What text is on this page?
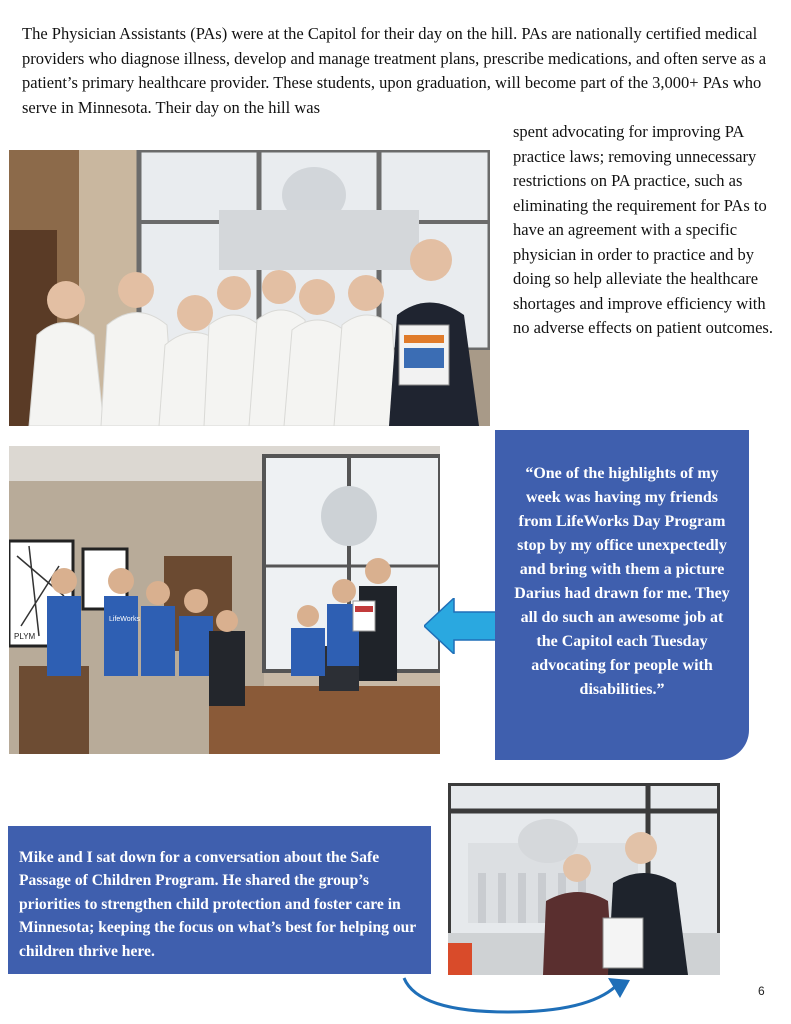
The Physician Assistants (PAs) were at the Capitol for their day on the hill. PAs are nationally certified medical providers who diagnose illness, develop and manage treatment plans, prescribe medications, and often serve as a patient’s primary healthcare provider. These students, upon graduation, will become part of the 3,000+ PAs who serve in Minnesota. Their day on the hill was

spent advocating for improving PA practice laws; removing unnecessary restrictions on PA practice, such as eliminating the requirement for PAs to have an agreement with a specific physician in order to practice and by doing so help alleviate the healthcare shortages and improve efficiency with no adverse effects on patient outcomes.

PLYM
LifeWorks
“One of the highlights of my week was having my friends from LifeWorks Day Program stop by my office unexpectedly and bring with them a picture Darius had drawn for me. They all do such an awesome job at the Capitol each Tuesday advocating for people with disabilities.”
Mike and I sat down for a conversation about the Safe Passage of Children Program. He shared the group’s priorities to strengthen child protection and foster care in Minnesota; keeping the focus on what’s best for helping our children thrive here.
6
